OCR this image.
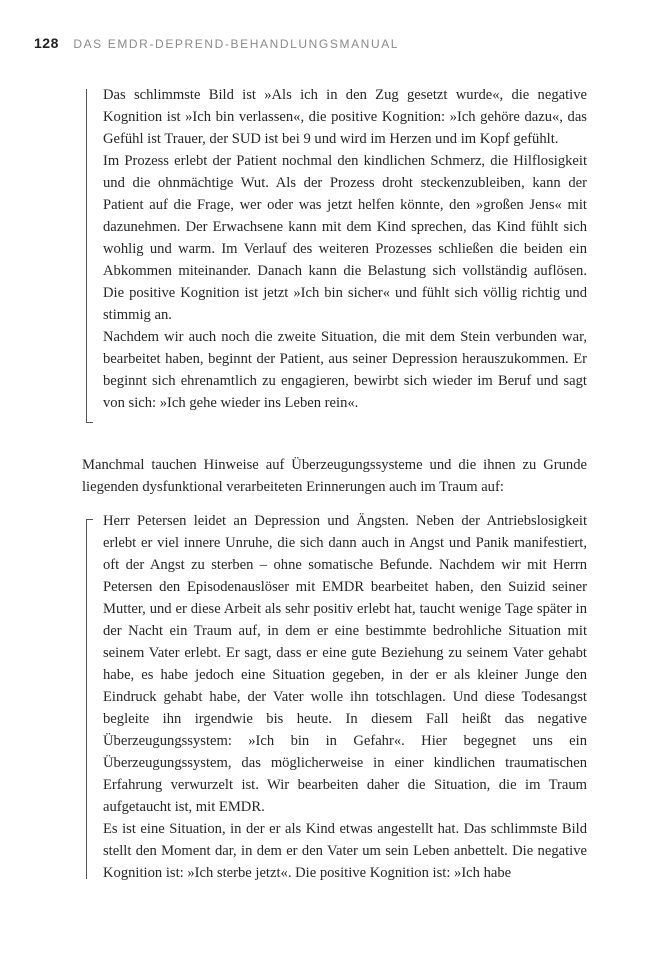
128 DAS EMDR-DEPREND-BEHANDLUNGSMANUAL

Das schlimmste Bild ist »Als ich in den Zug gesetzt wurde«, die negative Kognition ist »Ich bin verlassen«, die positive Kognition: »Ich gehöre dazu«, das Gefühl ist Trauer, der SUD ist bei 9 und wird im Herzen und im Kopf gefühlt.

Im Prozess erlebt der Patient nochmal den kindlichen Schmerz, die Hilflosigkeit und die ohnmächtige Wut. Als der Prozess droht steckenzubleiben, kann der Patient auf die Frage, wer oder was jetzt helfen könnte, den »großen Jens« mit dazunehmen. Der Erwachsene kann mit dem Kind sprechen, das Kind fühlt sich wohlig und warm. Im Verlauf des weiteren Prozesses schließen die beiden ein Abkommen miteinander. Danach kann die Belastung sich vollständig auflösen. Die positive Kognition ist jetzt »Ich bin sicher« und fühlt sich völlig richtig und stimmig an.

Nachdem wir auch noch die zweite Situation, die mit dem Stein verbunden war, bearbeitet haben, beginnt der Patient, aus seiner Depression herauszukommen. Er beginnt sich ehrenamtlich zu engagieren, bewirbt sich wieder im Beruf und sagt von sich: »Ich gehe wieder ins Leben rein«.

Manchmal tauchen Hinweise auf Überzeugungssysteme und die ihnen zu Grunde liegenden dysfunktional verarbeiteten Erinnerungen auch im Traum auf:

Herr Petersen leidet an Depression und Ängsten. Neben der Antriebslosigkeit erlebt er viel innere Unruhe, die sich dann auch in Angst und Panik manifestiert, oft der Angst zu sterben – ohne somatische Befunde. Nachdem wir mit Herrn Petersen den Episodenauslöser mit EMDR bearbeitet haben, den Suizid seiner Mutter, und er diese Arbeit als sehr positiv erlebt hat, taucht wenige Tage später in der Nacht ein Traum auf, in dem er eine bestimmte bedrohliche Situation mit seinem Vater erlebt. Er sagt, dass er eine gute Beziehung zu seinem Vater gehabt habe, es habe jedoch eine Situation gegeben, in der er als kleiner Junge den Eindruck gehabt habe, der Vater wolle ihn totschlagen. Und diese Todesangst begleite ihn irgendwie bis heute. In diesem Fall heißt das negative Überzeugungssystem: »Ich bin in Gefahr«. Hier begegnet uns ein Überzeugungssystem, das möglicherweise in einer kindlichen traumatischen Erfahrung verwurzelt ist. Wir bearbeiten daher die Situation, die im Traum aufgetaucht ist, mit EMDR.

Es ist eine Situation, in der er als Kind etwas angestellt hat. Das schlimmste Bild stellt den Moment dar, in dem er den Vater um sein Leben anbettelt. Die negative Kognition ist: »Ich sterbe jetzt«. Die positive Kognition ist: »Ich habe
